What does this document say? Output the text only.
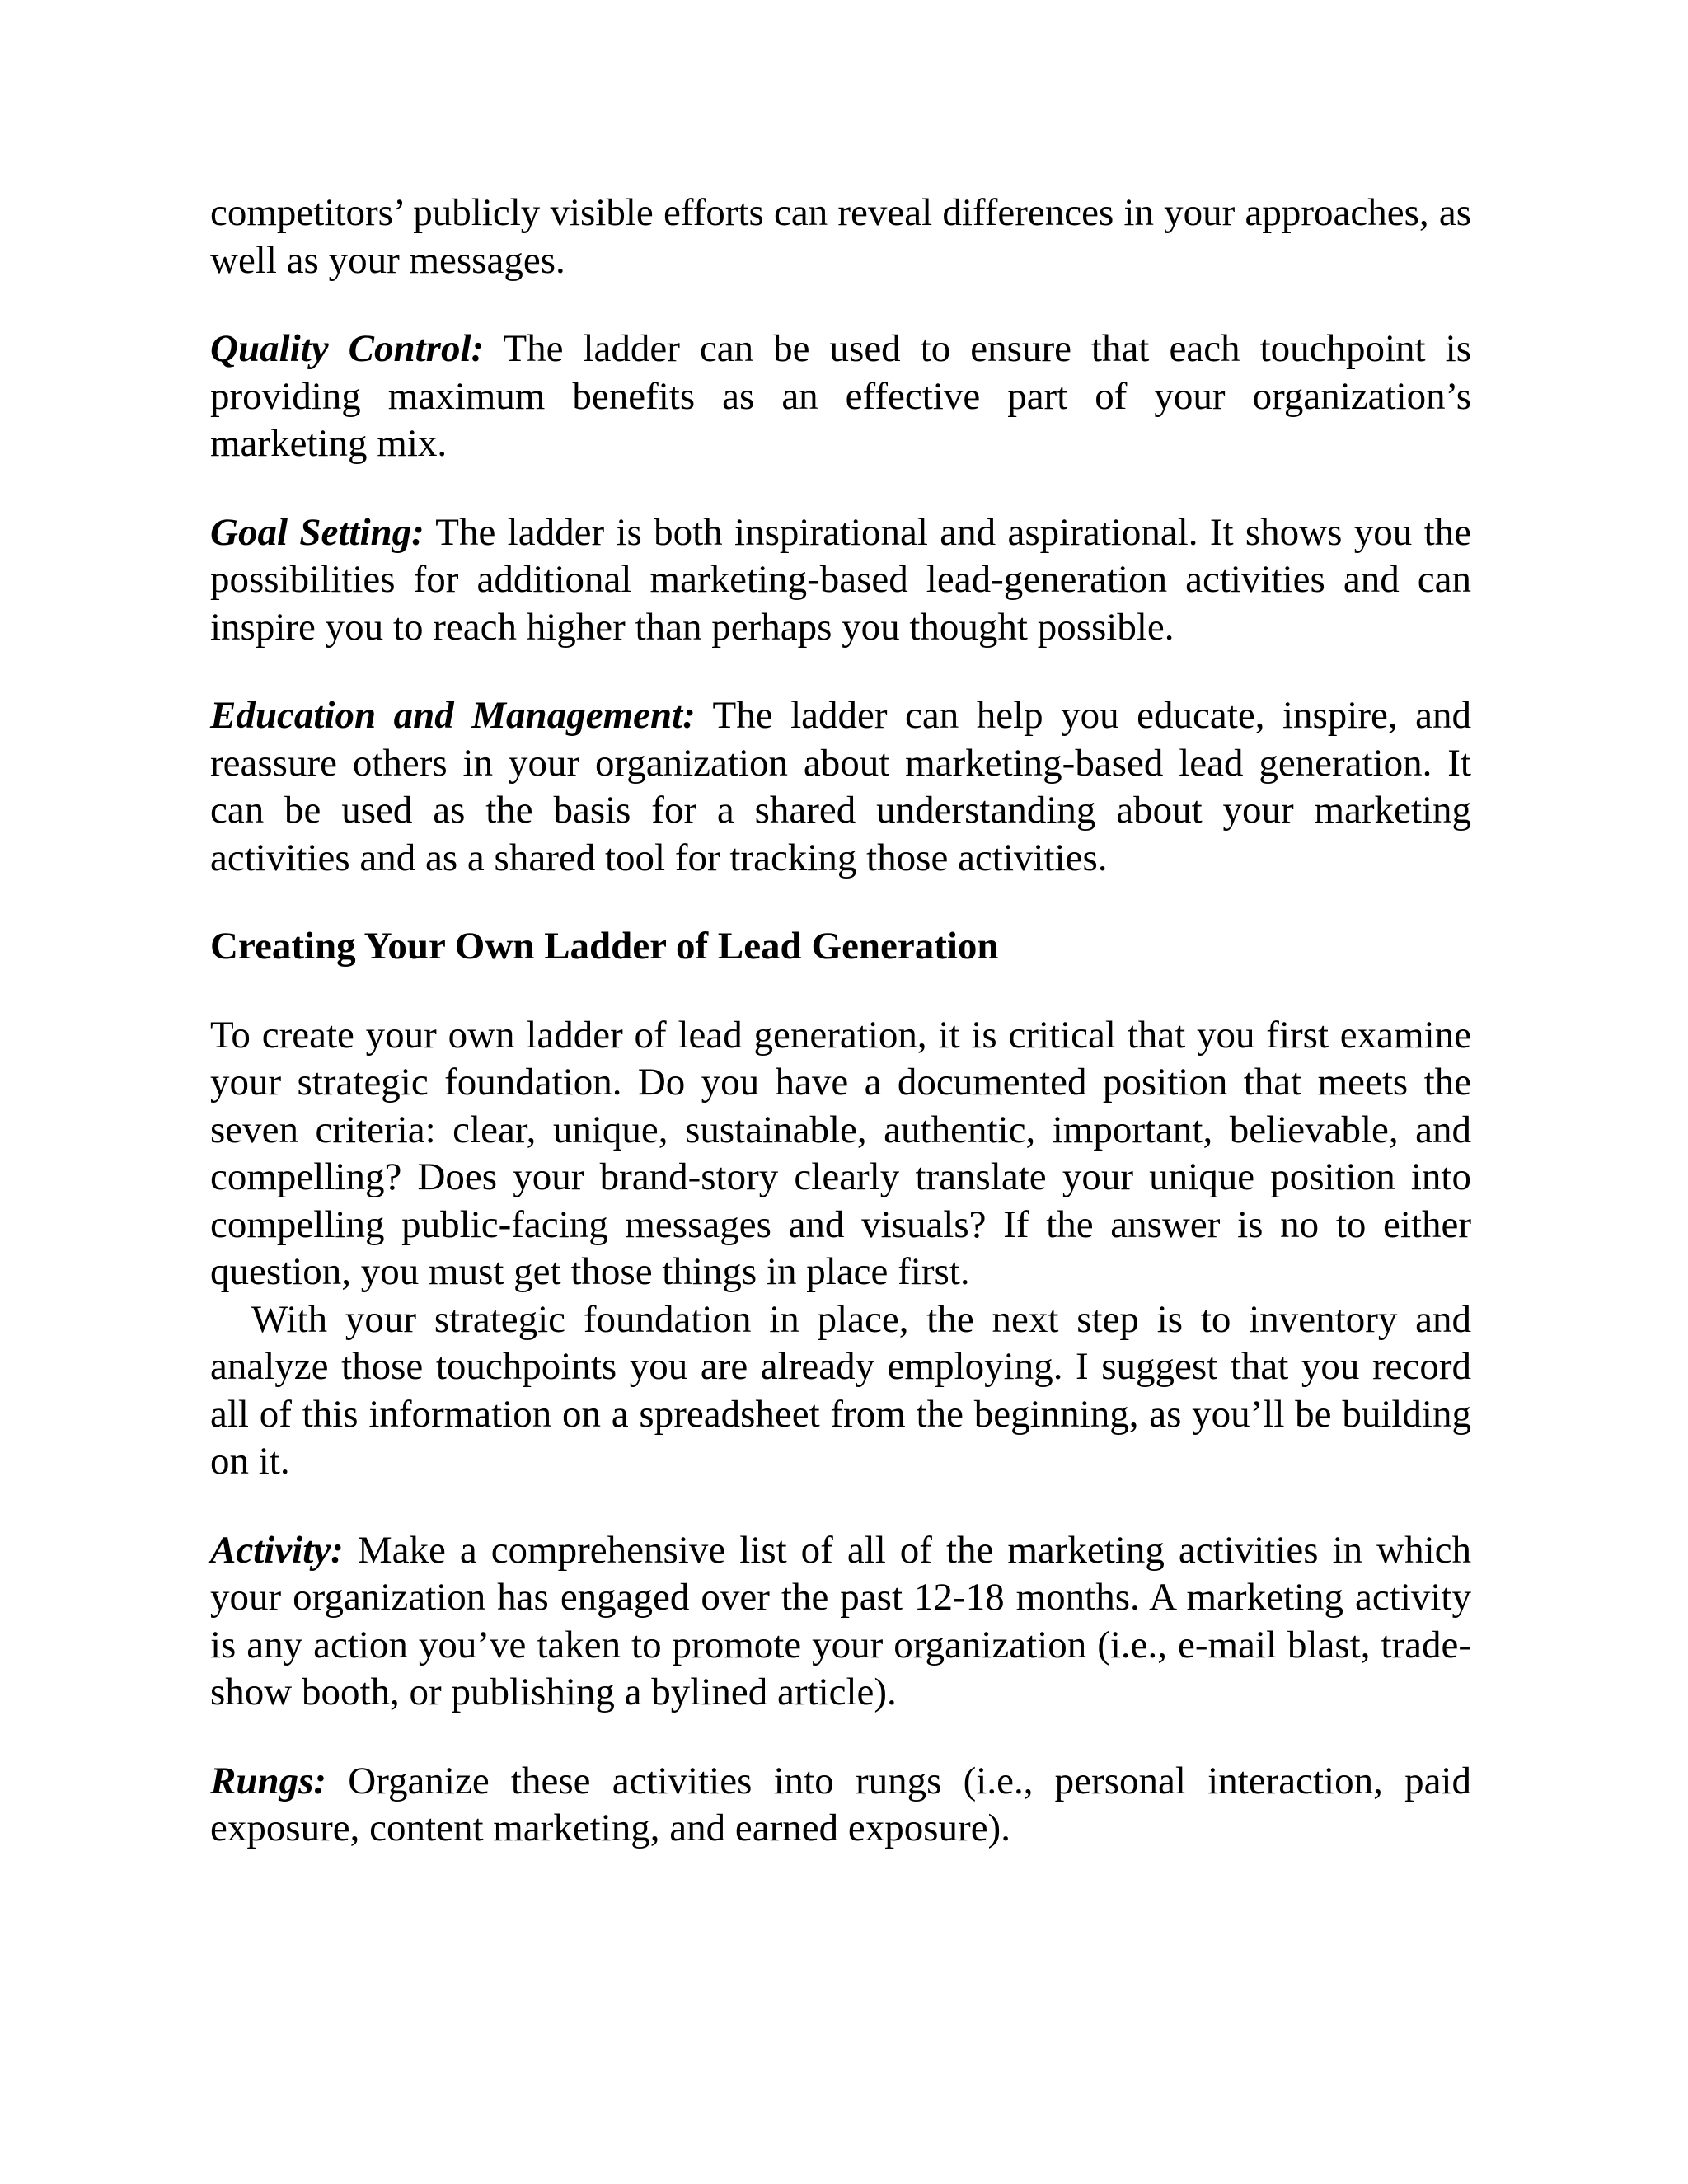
competitors’ publicly visible efforts can reveal differences in your approaches, as well as your messages.

Quality Control: The ladder can be used to ensure that each touchpoint is providing maximum benefits as an effective part of your organization’s marketing mix.

Goal Setting: The ladder is both inspirational and aspirational. It shows you the possibilities for additional marketing-based lead-generation activities and can inspire you to reach higher than perhaps you thought possible.

Education and Management: The ladder can help you educate, inspire, and reassure others in your organization about marketing-based lead generation. It can be used as the basis for a shared understanding about your marketing activities and as a shared tool for tracking those activities.

Creating Your Own Ladder of Lead Generation

To create your own ladder of lead generation, it is critical that you first examine your strategic foundation. Do you have a documented position that meets the seven criteria: clear, unique, sustainable, authentic, important, believable, and compelling? Does your brand-story clearly translate your unique position into compelling public-facing messages and visuals? If the answer is no to either question, you must get those things in place first.

With your strategic foundation in place, the next step is to inventory and analyze those touchpoints you are already employing. I suggest that you record all of this information on a spreadsheet from the beginning, as you’ll be building on it.

Activity: Make a comprehensive list of all of the marketing activities in which your organization has engaged over the past 12-18 months. A marketing activity is any action you’ve taken to promote your organization (i.e., e-mail blast, trade-show booth, or publishing a bylined article).

Rungs: Organize these activities into rungs (i.e., personal interaction, paid exposure, content marketing, and earned exposure).
